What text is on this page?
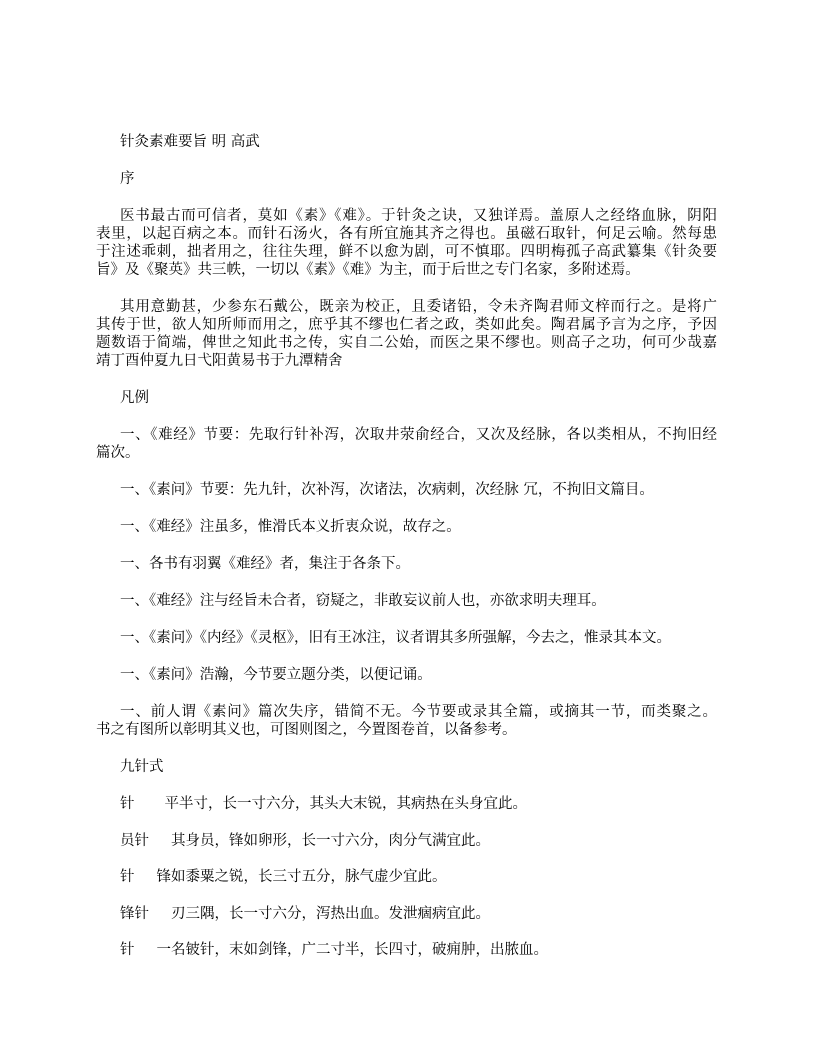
针灸素难要旨 明 高武
序
医书最古而可信者，莫如《素》《难》。于针灸之诀，又独详焉。盖原人之经络血脉，阴阳
表里，以起百病之本。而针石汤火，各有所宜施其齐之得也。虽磁石取针，何足云喻。然每患
于注述乖刺，拙者用之，往往失理，鲜不以愈为剧，可不慎耶。四明梅孤子高武纂集《针灸要
旨》及《聚英》共三帙，一切以《素》《难》为主，而于后世之专门名家，多附述焉。
其用意勤甚，少参东石戴公，既亲为校正，且委诸铅，令未齐陶君师文梓而行之。是将广
其传于世，欲人知所师而用之，庶乎其不缪也仁者之政，类如此矣。陶君属予言为之序，予因
题数语于简端，俾世之知此书之传，实自二公始，而医之果不缪也。则高子之功，何可少哉嘉
靖丁酉仲夏九日弋阳黄易书于九潭精舍
凡例
一、《难经》节要：先取行针补泻，次取井荥俞经合，又次及经脉，各以类相从，不拘旧经
篇次。
一、《素问》节要：先九针，次补泻，次诸法，次病刺，次经脉 冗，不拘旧文篇目。
一、《难经》注虽多，惟滑氏本义折衷众说，故存之。
一、各书有羽翼《难经》者，集注于各条下。
一、《难经》注与经旨未合者，窃疑之，非敢妄议前人也，亦欲求明夫理耳。
一、《素问》《内经》《灵枢》，旧有王冰注，议者谓其多所强解，今去之，惟录其本文。
一、《素问》浩瀚，今节要立题分类，以便记诵。
一、前人谓《素问》篇次失序，错简不无。今节要或录其全篇，或摘其一节，而类聚之。
书之有图所以彰明其义也，可图则图之，今置图卷首，以备参考。
九针式
针 平半寸，长一寸六分，其头大末锐，其病热在头身宜此。
员针 其身员，锋如卵形，长一寸六分，肉分气满宜此。
针 锋如黍粟之锐，长三寸五分，脉气虚少宜此。
锋针 刃三隅，长一寸六分，泻热出血。发泄痼病宜此。
针 一名铍针，末如剑锋，广二寸半，长四寸，破痈肿，出脓血。
